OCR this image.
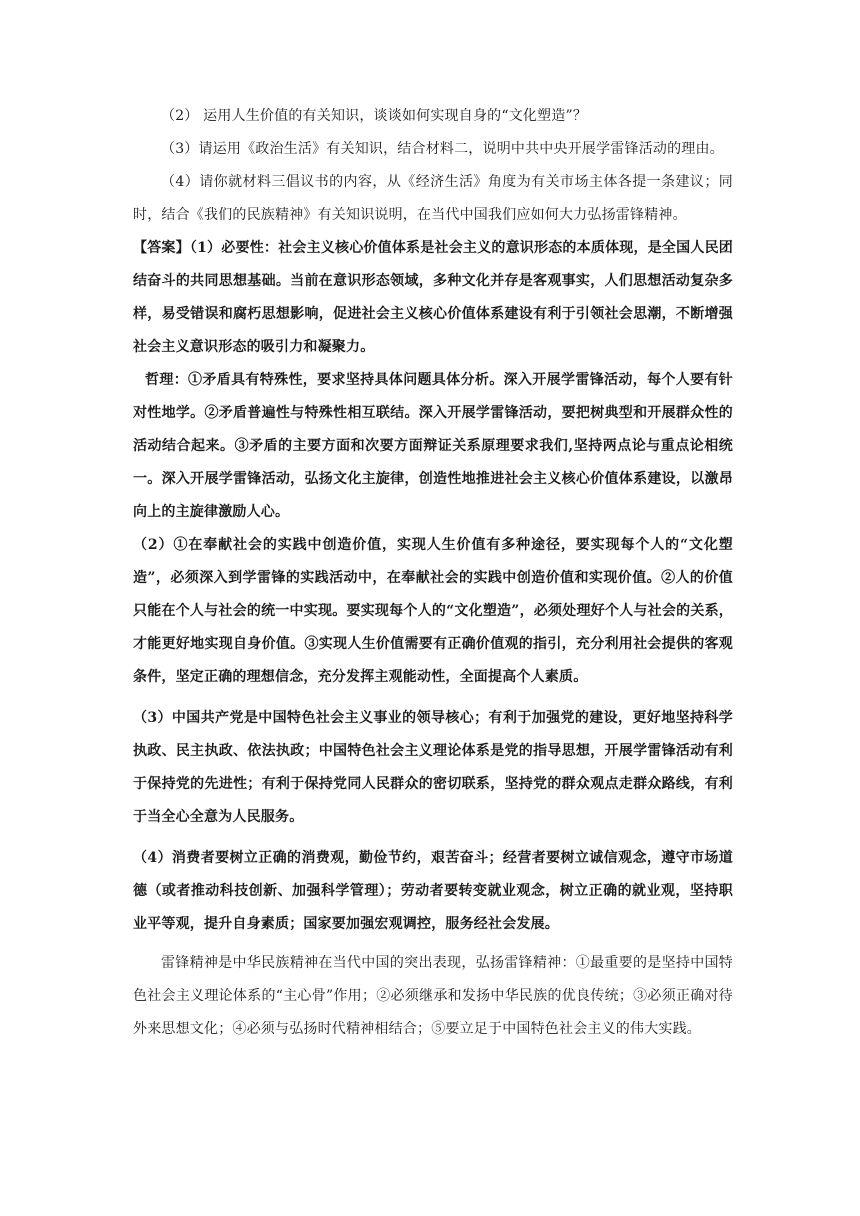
（2） 运用人生价值的有关知识，谈谈如何实现自身的“文化塑造”？

（3）请运用《政治生活》有关知识，结合材料二，说明中共中央开展学雷锋活动的理由。

（4）请你就材料三倡议书的内容，从《经济生活》角度为有关市场主体各提一条建议；同时，结合《我们的民族精神》有关知识说明，在当代中国我们应如何大力弘扬雷锋精神。

【答案】（1）必要性：社会主义核心价值体系是社会主义的意识形态的本质体现，是全国人民团结奋斗的共同思想基础。当前在意识形态领域，多种文化并存是客观事实，人们思想活动复杂多样，易受错误和腐朽思想影响，促进社会主义核心价值体系建设有利于引领社会思潮，不断增强社会主义意识形态的吸引力和凝聚力。

哲理：①矛盾具有特殊性，要求坚持具体问题具体分析。深入开展学雷锋活动，每个人要有针对性地学。②矛盾普遍性与特殊性相互联结。深入开展学雷锋活动，要把树典型和开展群众性的活动结合起来。③矛盾的主要方面和次要方面辩证关系原理要求我们,坚持两点论与重点论相统一。深入开展学雷锋活动，弘扬文化主旋律，创造性地推进社会主义核心价值体系建设，以激昂向上的主旋律激励人心。

（2）①在奉献社会的实践中创造价值，实现人生价值有多种途径，要实现每个人的“文化塑造”，必须深入到学雷锋的实践活动中，在奉献社会的实践中创造价值和实现价值。②人的价值只能在个人与社会的统一中实现。要实现每个人的“文化塑造”，必须处理好个人与社会的关系，才能更好地实现自身价值。③实现人生价值需要有正确价值观的指引，充分利用社会提供的客观条件，坚定正确的理想信念，充分发挥主观能动性，全面提高个人素质。

（3）中国共产党是中国特色社会主义事业的领导核心；有利于加强党的建设，更好地坚持科学执政、民主执政、依法执政；中国特色社会主义理论体系是党的指导思想，开展学雷锋活动有利于保持党的先进性；有利于保持党同人民群众的密切联系，坚持党的群众观点走群众路线，有利于当全心全意为人民服务。

（4）消费者要树立正确的消费观，勤俭节约，艰苦奋斗；经营者要树立诚信观念，遵守市场道德（或者推动科技创新、加强科学管理）；劳动者要转变就业观念，树立正确的就业观，坚持职业平等观，提升自身素质；国家要加强宏观调控，服务经社会发展。

雷锋精神是中华民族精神在当代中国的突出表现，弘扬雷锋精神：①最重要的是坚持中国特色社会主义理论体系的“主心骨”作用；②必须继承和发扬中华民族的优良传统；③必须正确对待外来思想文化；④必须与弘扬时代精神相结合；⑤要立足于中国特色社会主义的伟大实践。
